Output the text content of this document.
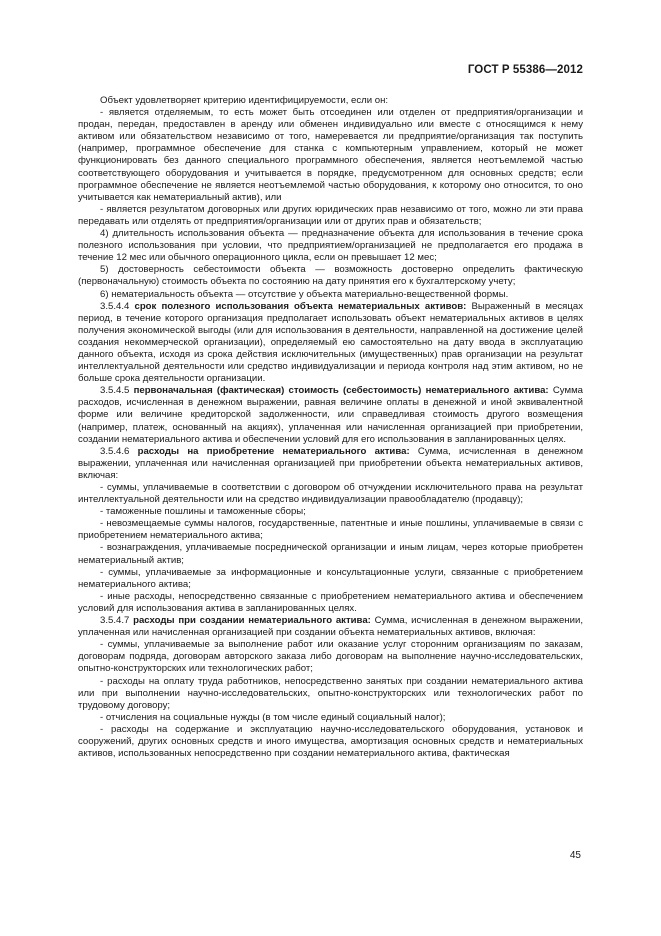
ГОСТ Р 55386—2012

Объект удовлетворяет критерию идентифицируемости, если он:

- является отделяемым, то есть может быть отсоединен или отделен от предприятия/организации и продан, передан, предоставлен в аренду или обменен индивидуально или вместе с относящимся к нему активом или обязательством независимо от того, намеревается ли предприятие/организация так поступить (например, программное обеспечение для станка с компьютерным управлением, который не может функционировать без данного специального программного обеспечения, является неотъемлемой частью соответствующего оборудования и учитывается в порядке, предусмотренном для основных средств; если программное обеспечение не является неотъемлемой частью оборудования, к которому оно относится, то оно учитывается как нематериальный актив), или

- является результатом договорных или других юридических прав независимо от того, можно ли эти права передавать или отделять от предприятия/организации или от других прав и обязательств;

4) длительность использования объекта — предназначение объекта для использования в течение срока полезного использования при условии, что предприятием/организацией не предполагается его продажа в течение 12 мес или обычного операционного цикла, если он превышает 12 мес;

5) достоверность себестоимости объекта — возможность достоверно определить фактическую (первоначальную) стоимость объекта по состоянию на дату принятия его к бухгалтерскому учету;

6) нематериальность объекта — отсутствие у объекта материально-вещественной формы.

3.5.4.4 срок полезного использования объекта нематериальных активов: Выраженный в месяцах период, в течение которого организация предполагает использовать объект нематериальных активов в целях получения экономической выгоды (или для использования в деятельности, направленной на достижение целей создания некоммерческой организации), определяемый ею самостоятельно на дату ввода в эксплуатацию данного объекта, исходя из срока действия исключительных (имущественных) прав организации на результат интеллектуальной деятельности или средство индивидуализации и периода контроля над этим активом, но не больше срока деятельности организации.

3.5.4.5 первоначальная (фактическая) стоимость (себестоимость) нематериального актива: Сумма расходов, исчисленная в денежном выражении, равная величине оплаты в денежной и иной эквивалентной форме или величине кредиторской задолженности, или справедливая стоимость другого возмещения (например, платеж, основанный на акциях), уплаченная или начисленная организацией при приобретении, создании нематериального актива и обеспечении условий для его использования в запланированных целях.

3.5.4.6 расходы на приобретение нематериального актива: Сумма, исчисленная в денежном выражении, уплаченная или начисленная организацией при приобретении объекта нематериальных активов, включая:

- суммы, уплачиваемые в соответствии с договором об отчуждении исключительного права на результат интеллектуальной деятельности или на средство индивидуализации правообладателю (продавцу);

- таможенные пошлины и таможенные сборы;

- невозмещаемые суммы налогов, государственные, патентные и иные пошлины, уплачиваемые в связи с приобретением нематериального актива;

- вознаграждения, уплачиваемые посреднической организации и иным лицам, через которые приобретен нематериальный актив;

- суммы, уплачиваемые за информационные и консультационные услуги, связанные с приобретением нематериального актива;

- иные расходы, непосредственно связанные с приобретением нематериального актива и обеспечением условий для использования актива в запланированных целях.

3.5.4.7 расходы при создании нематериального актива: Сумма, исчисленная в денежном выражении, уплаченная или начисленная организацией при создании объекта нематериальных активов, включая:

- суммы, уплачиваемые за выполнение работ или оказание услуг сторонним организациям по заказам, договорам подряда, договорам авторского заказа либо договорам на выполнение научно-исследовательских, опытно-конструкторских или технологических работ;

- расходы на оплату труда работников, непосредственно занятых при создании нематериального актива или при выполнении научно-исследовательских, опытно-конструкторских или технологических работ по трудовому договору;

- отчисления на социальные нужды (в том числе единый социальный налог);

- расходы на содержание и эксплуатацию научно-исследовательского оборудования, установок и сооружений, других основных средств и иного имущества, амортизация основных средств и нематериальных активов, использованных непосредственно при создании нематериального актива, фактическая

45
